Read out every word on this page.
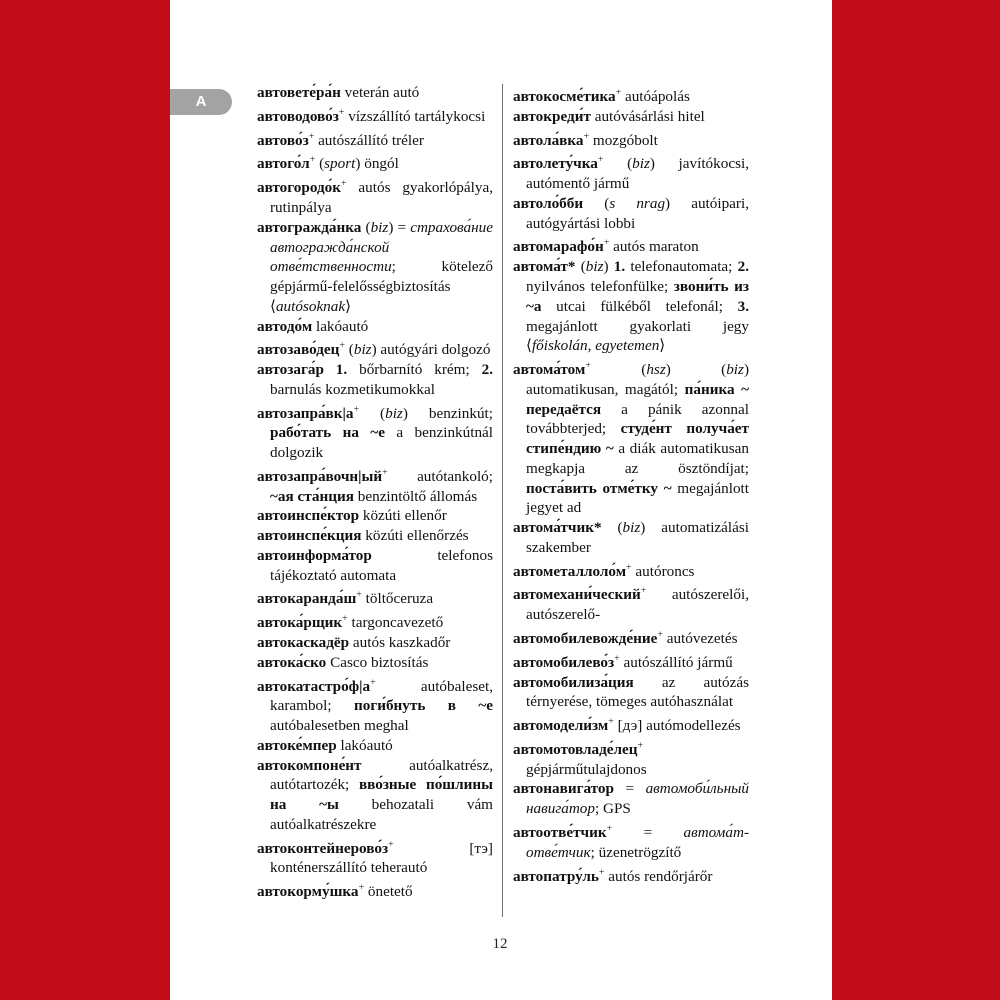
A

автовете́ра́н veterán autó

автоводово́з+ vízszállító tartálykocsi

автово́з+ autószállító tréler

автого́л+ (sport) öngól

автогородо́к+ autós gyakorlópálya, rutinpálya

автогражда́нка (biz) = страхова́ние автогражда́нской отве́тственности; kötelező gépjármű-felelősségbiztosítás ⟨autósoknak⟩

автодо́м lakóautó

автозаво́дец+ (biz) autógyári dolgozó

автозага́р 1. bőrbarnító krém; 2. barnulás kozmetikumokkal

автозапра́вк|а+ (biz) benzinkút; рабо́тать на ~е a benzinkútnál dolgozik

автозапра́вочн|ый+ autótankoló; ~ая ста́нция benzintöltő állomás

автоинспе́ктор közúti ellenőr

автоинспе́кция közúti ellenőrzés

автоинформа́тор telefonos tájékoztató automata

автокаранда́ш+ töltőceruza

автока́рщик+ targoncavezető

автокаскадёр autós kaszkadőr

автока́ско Casco biztosítás

автокатастро́ф|а+ autóbaleset, karambol; поги́бнуть в ~е autóbalesetben meghal

автоке́мпер lakóautó

автокомпоне́нт autóalkatrész, autótartozék; вво́зные по́шлины на ~ы behozatali vám autóalkatrészekre

автоконтейнерово́з+ [тэ] konténerszállító teherautó

автокорму́шка+ önetető

автокосме́тика+ autóápolás

автокреди́т autóvásárlási hitel

автола́вка+ mozgóbolt

автолету́чка+ (biz) javítókocsi, autómentő jármű

автоло́бби (s nrag) autóipari, autógyártási lobbi

автомарафо́н+ autós maraton

автома́т* (biz) 1. telefonautomata; 2. nyilvános telefonfülke; звони́ть из ~а utcai fülkéből telefonál; 3. megajánlott gyakorlati jegy ⟨főiskolán, egyetemen⟩

автома́том+ (hsz) (biz) automatikusan, magától; па́ника ~ передаётся a pánik azonnal továbbterjed; студе́нт получа́ет стипе́ндию ~ a diák automatikusan megkapja az ösztöndíjat; поста́вить отме́тку ~ megajánlott jegyet ad

автома́тчик* (biz) automatizálási szakember

автометаллоло́м+ autóroncs

автомехани́ческий+ autószerelői, autószerelő-

автомобилевожде́ние+ autóvezetés

автомобилево́з+ autószállító jármű

автомобилиза́ция az autózás térnyerése, tömeges autóhasználat

автомодели́зм+ [дэ] autómodellezés

автомотовладе́лец+ gépjárműtulajdonos

автонавига́тор = автомоби́льный навига́тор; GPS

автоотве́тчик+ = автома́т-отве́тчик; üzenetrögzítő

автопатру́ль+ autós rendőrjárőr

12
